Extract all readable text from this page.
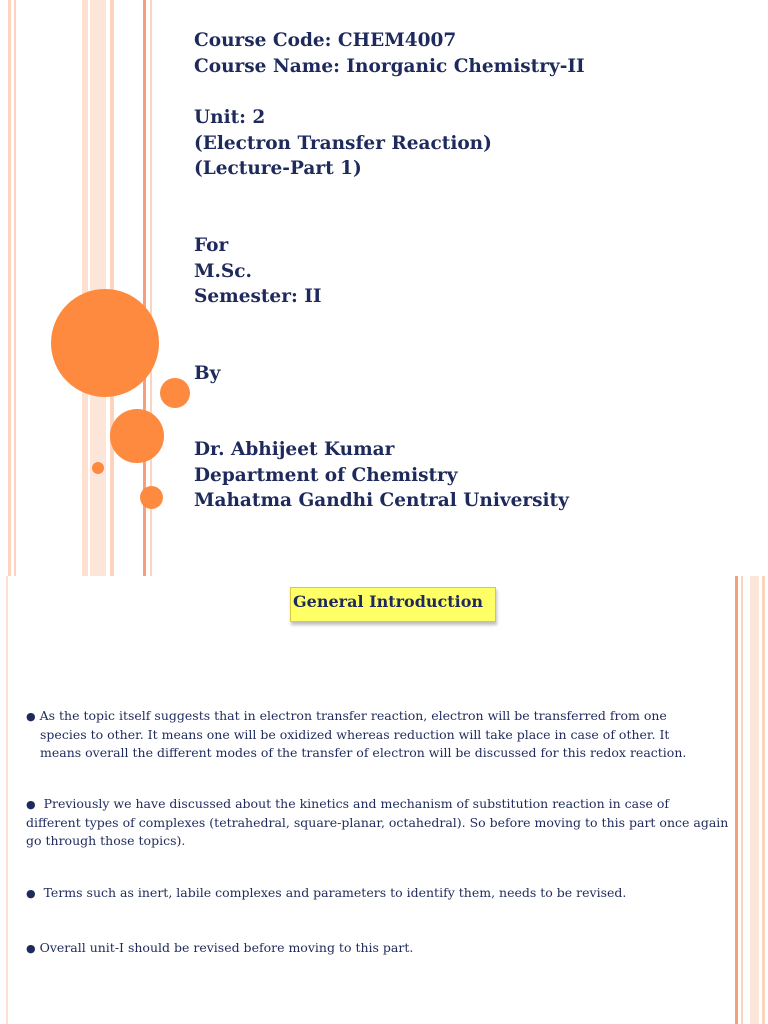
Course Code: CHEM4007
Course Name: Inorganic Chemistry-II
Unit: 2
(Electron Transfer Reaction)
(Lecture-Part 1)
For
M.Sc.
Semester: II
By
Dr. Abhijeet Kumar
Department of Chemistry
Mahatma Gandhi Central University
General Introduction
● As the topic itself suggests that in electron transfer reaction, electron will be transferred from one
species to other. It means one will be oxidized whereas reduction will take place in case of other. It
means overall the different modes of the transfer of electron will be discussed for this redox reaction.
● Previously we have discussed about the kinetics and mechanism of substitution reaction in case of
different types of complexes (tetrahedral, square-planar, octahedral). So before moving to this part once again
go through those topics).
● Terms such as inert, labile complexes and parameters to identify them, needs to be revised.
● Overall unit-I should be revised before moving to this part.
